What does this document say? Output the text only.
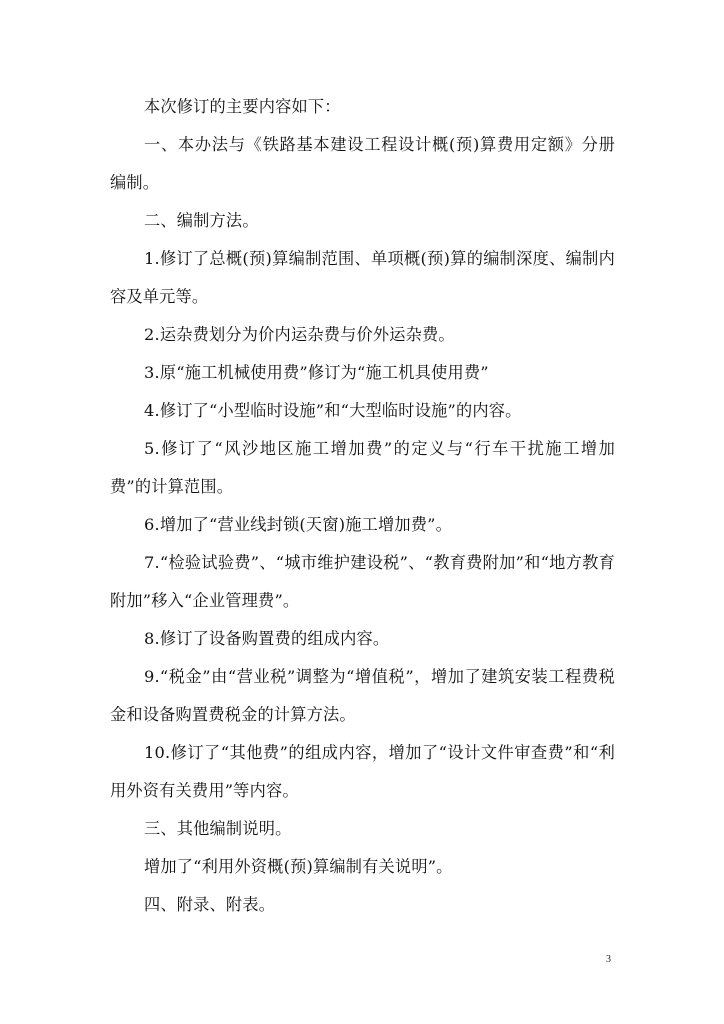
本次修订的主要内容如下：

一、本办法与《铁路基本建设工程设计概(预)算费用定额》分册编制。

二、编制方法。

1.修订了总概(预)算编制范围、单项概(预)算的编制深度、编制内容及单元等。

2.运杂费划分为价内运杂费与价外运杂费。

3.原“施工机械使用费”修订为“施工机具使用费”

4.修订了“小型临时设施”和“大型临时设施”的内容。

5.修订了“风沙地区施工增加费”的定义与“行车干扰施工增加费”的计算范围。

6.增加了“营业线封锁(天窗)施工增加费”。

7.“检验试验费”、“城市维护建设税”、“教育费附加”和“地方教育附加”移入“企业管理费”。

8.修订了设备购置费的组成内容。

9.“税金”由“营业税”调整为“增值税”，增加了建筑安装工程费税金和设备购置费税金的计算方法。

10.修订了“其他费”的组成内容，增加了“设计文件审查费”和“利用外资有关费用”等内容。

三、其他编制说明。

增加了“利用外资概(预)算编制有关说明”。

四、附录、附表。

3
